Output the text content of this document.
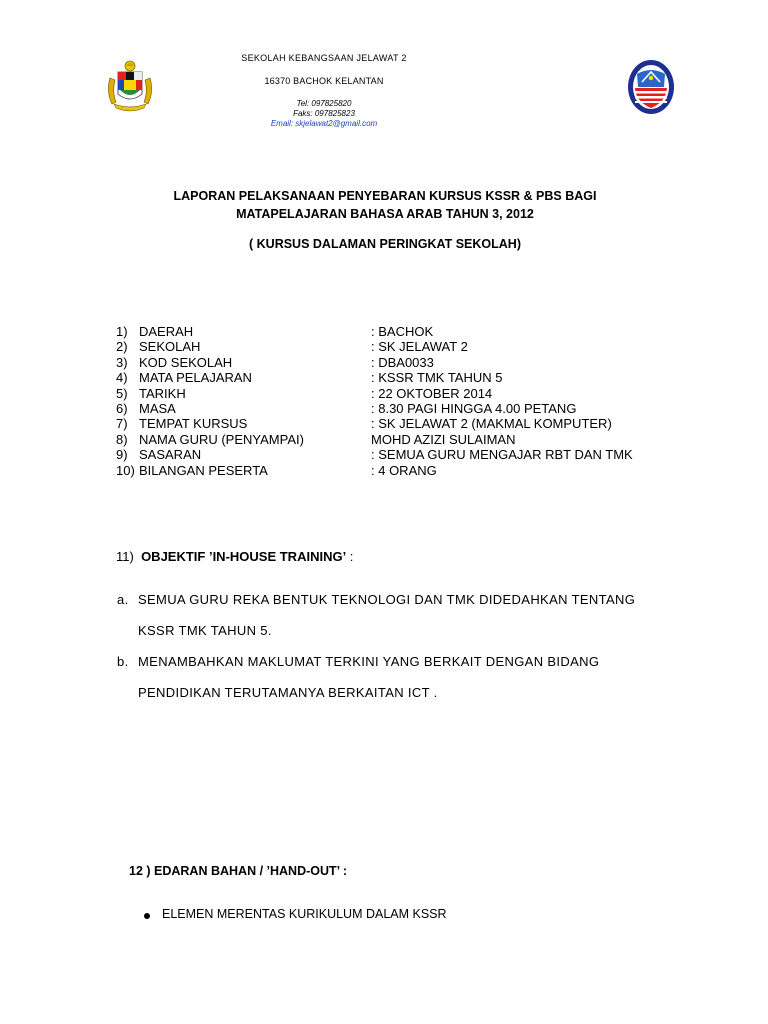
SEKOLAH KEBANGSAAN JELAWAT 2
16370 BACHOK KELANTAN
Tel: 097825820
Faks: 097825823
Email: skjelawat2@gmail.com
LAPORAN PELAKSANAAN PENYEBARAN KURSUS KSSR & PBS BAGI
MATAPELAJARAN BAHASA ARAB TAHUN 3, 2012
( KURSUS DALAMAN PERINGKAT SEKOLAH)
1) DAERAH	: BACHOK
2) SEKOLAH	: SK JELAWAT 2
3) KOD SEKOLAH	: DBA0033
4) MATA PELAJARAN	: KSSR TMK TAHUN 5
5) TARIKH	: 22 OKTOBER 2014
6) MASA	: 8.30 PAGI HINGGA 4.00 PETANG
7) TEMPAT KURSUS	: SK JELAWAT 2 (MAKMAL KOMPUTER)
8) NAMA GURU (PENYAMPAI)	MOHD AZIZI SULAIMAN
9) SASARAN	: SEMUA GURU MENGAJAR RBT DAN TMK
10) BILANGAN PESERTA	: 4 ORANG
11) OBJEKTIF ’IN-HOUSE TRAINING’ :
a. SEMUA GURU REKA BENTUK TEKNOLOGI DAN TMK DIDEDAHKAN TENTANG
KSSR TMK TAHUN 5.
b. MENAMBAHKAN MAKLUMAT TERKINI YANG BERKAIT DENGAN BIDANG
PENDIDIKAN TERUTAMANYA BERKAITAN ICT .
12 ) EDARAN BAHAN / ’HAND-OUT’ :
ELEMEN MERENTAS KURIKULUM DALAM KSSR
